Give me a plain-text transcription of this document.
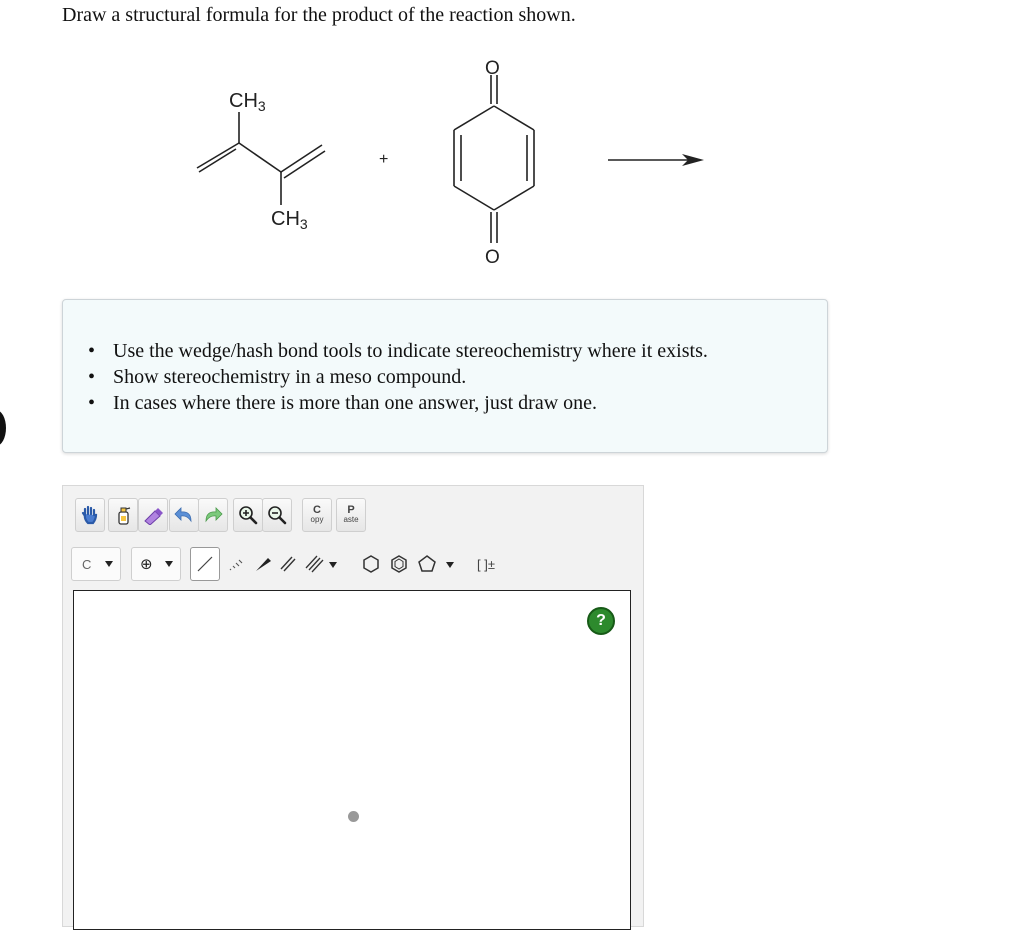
Draw a structural formula for the product of the reaction shown.
$CH_3$
$CH_3$
+
O
O
• Use the wedge/hash bond tools to indicate stereochemistry where it exists.
• Show stereochemistry in a meso compound.
• In cases where there is more than one answer, just draw one.
C
opy
P
aste
C	⊕	[ ]±
?
